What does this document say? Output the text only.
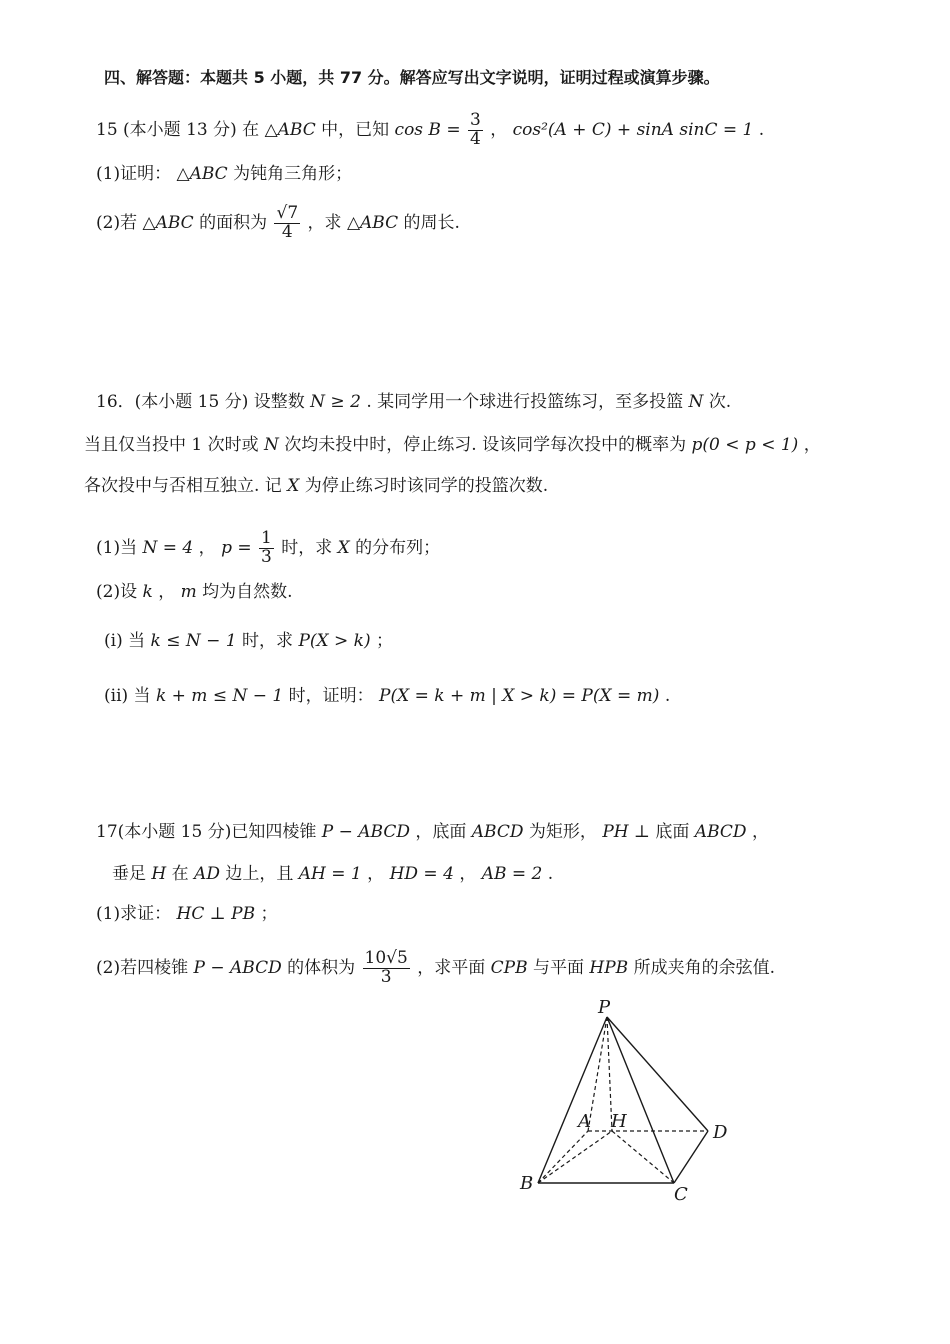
四、解答题：本题共 5 小题，共 77 分。解答应写出文字说明，证明过程或演算步骤。
15 (本小题 13 分) 在 △ABC 中，已知 $\cos B = \frac{3}{4}$ ， cos²(A + C) + sinA sinC = 1 .
(1)证明： △ABC 为钝角三角形；
(2)若 △ABC 的面积为 $\frac{√7}{4}$ ，求 △ABC 的周长.
16．(本小题 15 分) 设整数 N ≥ 2 . 某同学用一个球进行投篮练习，至多投篮 N 次.
当且仅当投中 1 次时或 N 次均未投中时，停止练习. 设该同学每次投中的概率为 p(0 < p < 1) ，
各次投中与否相互独立. 记 X 为停止练习时该同学的投篮次数.
(1)当 N = 4 ， $p = \frac{1}{3}$ 时，求 X 的分布列；
(2)设 k ， m 均为自然数.
(i) 当 k ≤ N − 1 时，求 P(X > k) ；
(ii) 当 k + m ≤ N − 1 时，证明： P(X = k + m | X > k) = P(X = m) .
17(本小题 15 分)已知四棱锥 P − ABCD ，底面 ABCD 为矩形， PH ⊥ 底面 ABCD ，
垂足 H 在 AD 边上，且 AH = 1 ， HD = 4 ， AB = 2 .
(1)求证： HC ⊥ PB ；
(2)若四棱锥 P − ABCD 的体积为 $\frac{10√5}{3}$ ，求平面 CPB 与平面 HPB 所成夹角的余弦值.
P
A H
D
B
C
